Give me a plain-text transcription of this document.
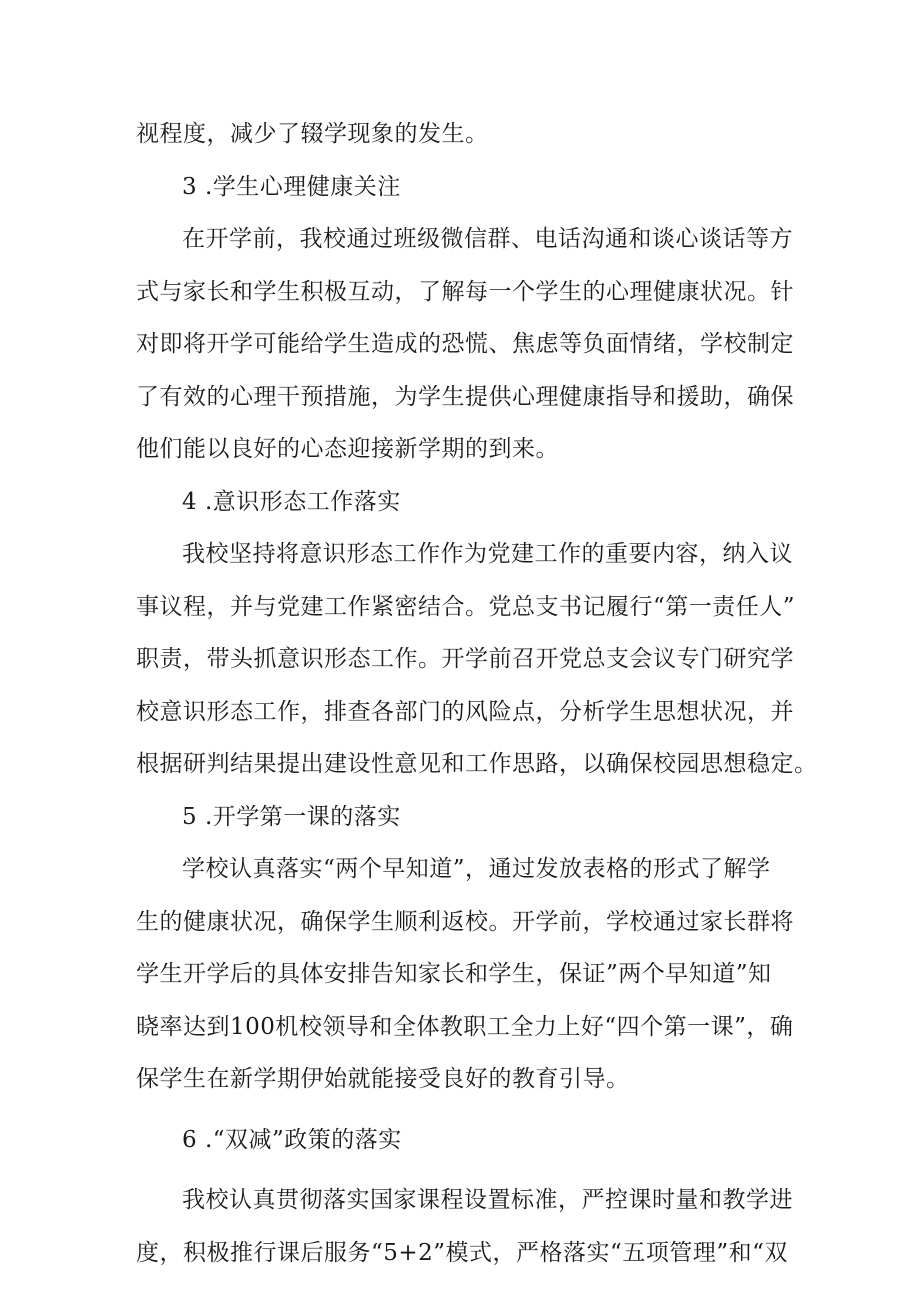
视程度，减少了辍学现象的发生。
3 .学生心理健康关注
在开学前，我校通过班级微信群、电话沟通和谈心谈话等方
式与家长和学生积极互动，了解每一个学生的心理健康状况。针
对即将开学可能给学生造成的恐慌、焦虑等负面情绪，学校制定
了有效的心理干预措施，为学生提供心理健康指导和援助，确保
他们能以良好的心态迎接新学期的到来。
4 .意识形态工作落实
我校坚持将意识形态工作作为党建工作的重要内容，纳入议
事议程，并与党建工作紧密结合。党总支书记履行“第一责任人”
职责，带头抓意识形态工作。开学前召开党总支会议专门研究学
校意识形态工作，排查各部门的风险点，分析学生思想状况，并
根据研判结果提出建设性意见和工作思路，以确保校园思想稳定。
5 .开学第一课的落实
学校认真落实“两个早知道”，通过发放表格的形式了解学
生的健康状况，确保学生顺利返校。开学前，学校通过家长群将
学生开学后的具体安排告知家长和学生，保证”两个早知道”知
晓率达到100机校领导和全体教职工全力上好“四个第一课”，确
保学生在新学期伊始就能接受良好的教育引导。
6 .“双减”政策的落实
我校认真贯彻落实国家课程设置标准，严控课时量和教学进
度，积极推行课后服务“5+2”模式，严格落实“五项管理”和“双
